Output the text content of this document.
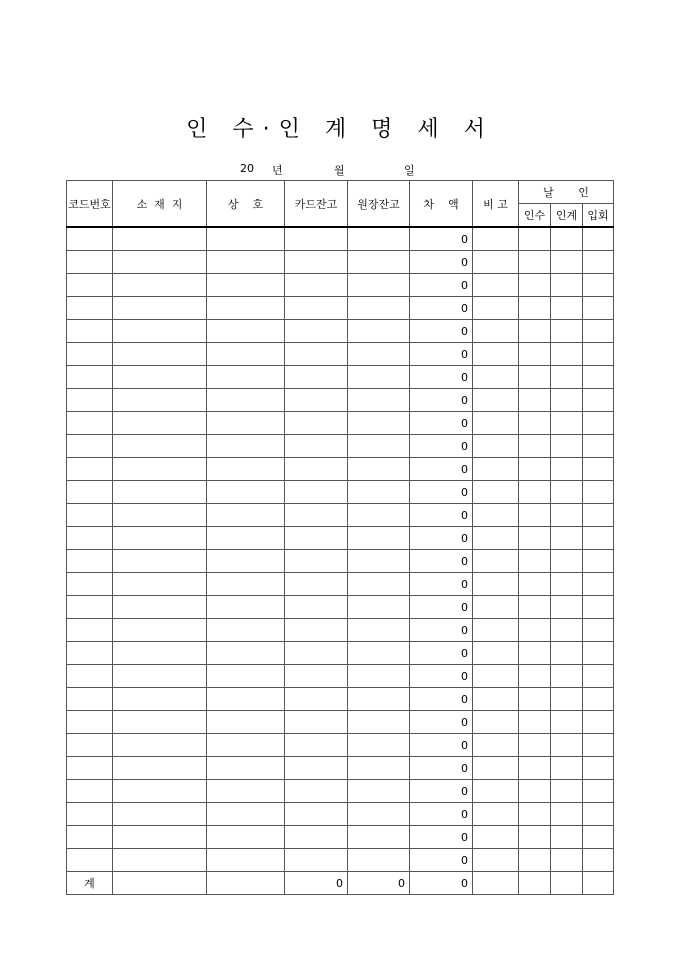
인 수·인 계 명 세 서
20 년	월	일
코드번호	소  재  지	상    호	카드잔고	원장잔고	차    액	비 고	날       인		
							인수	인계	입회
					0				
					0				
					0				
					0				
					0				
					0				
					0				
					0				
					0				
					0				
					0				
					0				
					0				
					0				
					0				
					0				
					0				
					0				
					0				
					0				
					0				
					0				
					0				
					0				
					0				
					0				
					0				
					0				
계			0	0	0				
